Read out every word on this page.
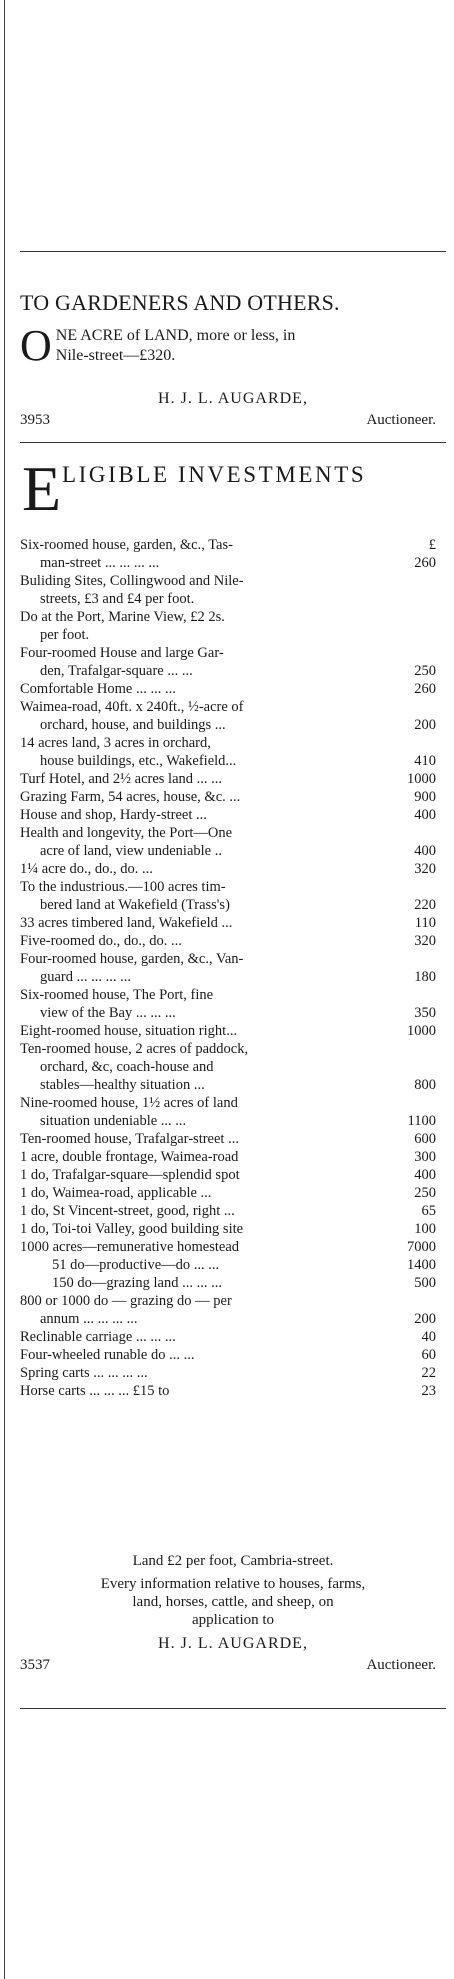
TO GARDENERS AND OTHERS.
O NE ACRE of LAND, more or less, in
Nile-street—£320.
H. J. L. AUGARDE,
3953	Auctioneer.
E LIGIBLE INVESTMENTS
Six-roomed house, garden, &c., Tas-	£
man-street ... ... ... ...	260
Buliding Sites, Collingwood and Nile-
streets, £3 and £4 per foot.
Do at the Port, Marine View, £2 2s.
per foot.
Four-roomed House and large Gar-
den, Trafalgar-square ... ...	250
Comfortable Home ... ... ...	260
Waimea-road, 40ft. x 240ft., ½-acre of
orchard, house, and buildings ...	200
14 acres land, 3 acres in orchard,
house buildings, etc., Wakefield...	410
Turf Hotel, and 2½ acres land ... ...	1000
Grazing Farm, 54 acres, house, &c. ...	900
House and shop, Hardy-street ...	400
Health and longevity, the Port—One
acre of land, view undeniable ..	400
1¼ acre do., do., do. ...	320
To the industrious.—100 acres tim-
bered land at Wakefield (Trass's)	220
33 acres timbered land, Wakefield ...	110
Five-roomed do., do., do. ...	320
Four-roomed house, garden, &c., Van-
guard ... ... ... ...	180
Six-roomed house, The Port, fine
view of the Bay ... ... ...	350
Eight-roomed house, situation right...	1000
Ten-roomed house, 2 acres of paddock,
orchard, &c, coach-house and
stables—healthy situation ...	800
Nine-roomed house, 1½ acres of land
situation undeniable ... ...	1100
Ten-roomed house, Trafalgar-street ...	600
1 acre, double frontage, Waimea-road	300
1 do, Trafalgar-square—splendid spot	400
1 do, Waimea-road, applicable ...	250
1 do, St Vincent-street, good, right ...	65
1 do, Toi-toi Valley, good building site	100
1000 acres—remunerative homestead	7000
51 do—productive—do ... ...	1400
150 do—grazing land ... ... ...	500
800 or 1000 do — grazing do — per
annum ... ... ... ...	200
Reclinable carriage ... ... ...	40
Four-wheeled runable do ... ...	60
Spring carts ... ... ... ...	22
Horse carts ... ... ... £15 to	23
Land £2 per foot, Cambria-street.
Every information relative to houses, farms,
land, horses, cattle, and sheep, on
application to
H. J. L. AUGARDE,
3537	Auctioneer.
